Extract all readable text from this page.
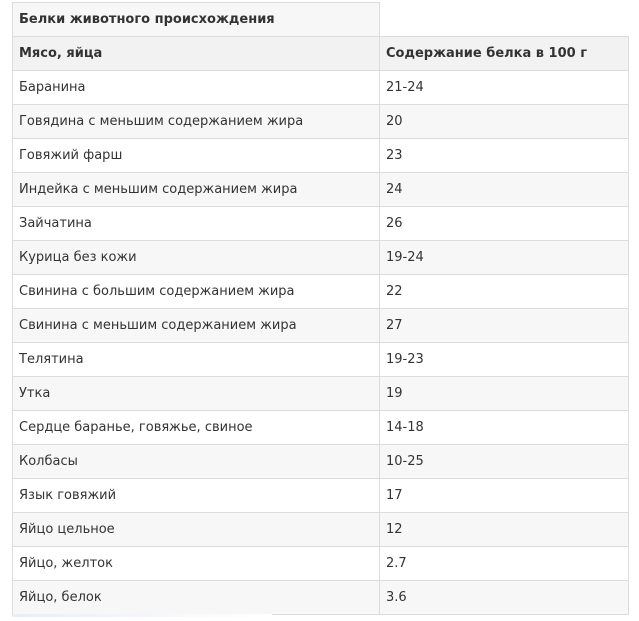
Белки животного происхождения	
Мясо, яйца	Содержание белка в 100 г
Баранина	21-24
Говядина с меньшим содержанием жира	20
Говяжий фарш	23
Индейка с меньшим содержанием жира	24
Зайчатина	26
Курица без кожи	19-24
Свинина с большим содержанием жира	22
Свинина с меньшим содержанием жира	27
Телятина	19-23
Утка	19
Сердце баранье, говяжье, свиное	14-18
Колбасы	10-25
Язык говяжий	17
Яйцо цельное	12
Яйцо, желток	2.7
Яйцо, белок	3.6
